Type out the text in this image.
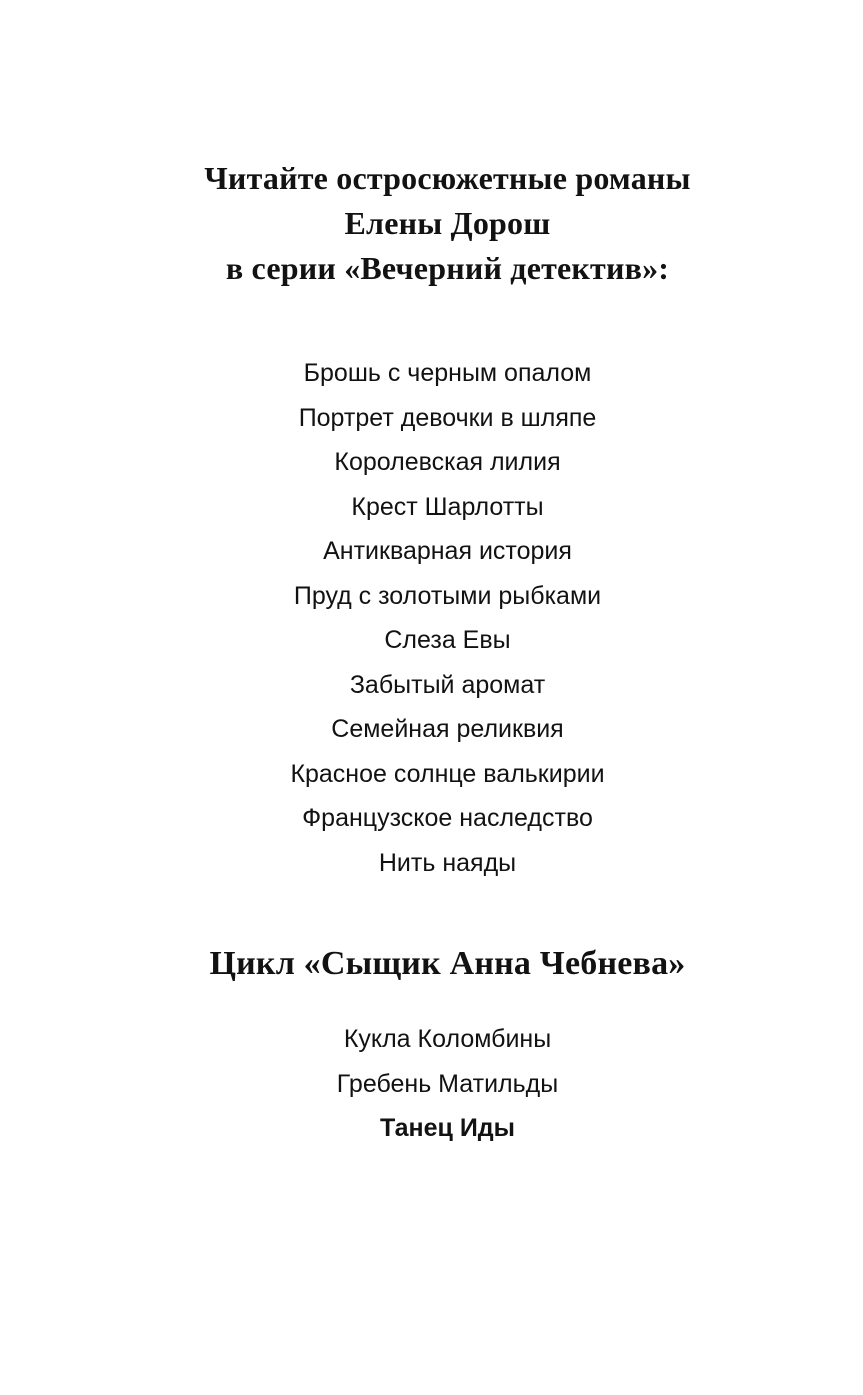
Читайте остросюжетные романы
Елены Дорош
в серии «Вечерний детектив»:
Брошь с черным опалом
Портрет девочки в шляпе
Королевская лилия
Крест Шарлотты
Антикварная история
Пруд с золотыми рыбками
Слеза Евы
Забытый аромат
Семейная реликвия
Красное солнце валькирии
Французское наследство
Нить наяды
Цикл «Сыщик Анна Чебнева»
Кукла Коломбины
Гребень Матильды
Танец Иды
